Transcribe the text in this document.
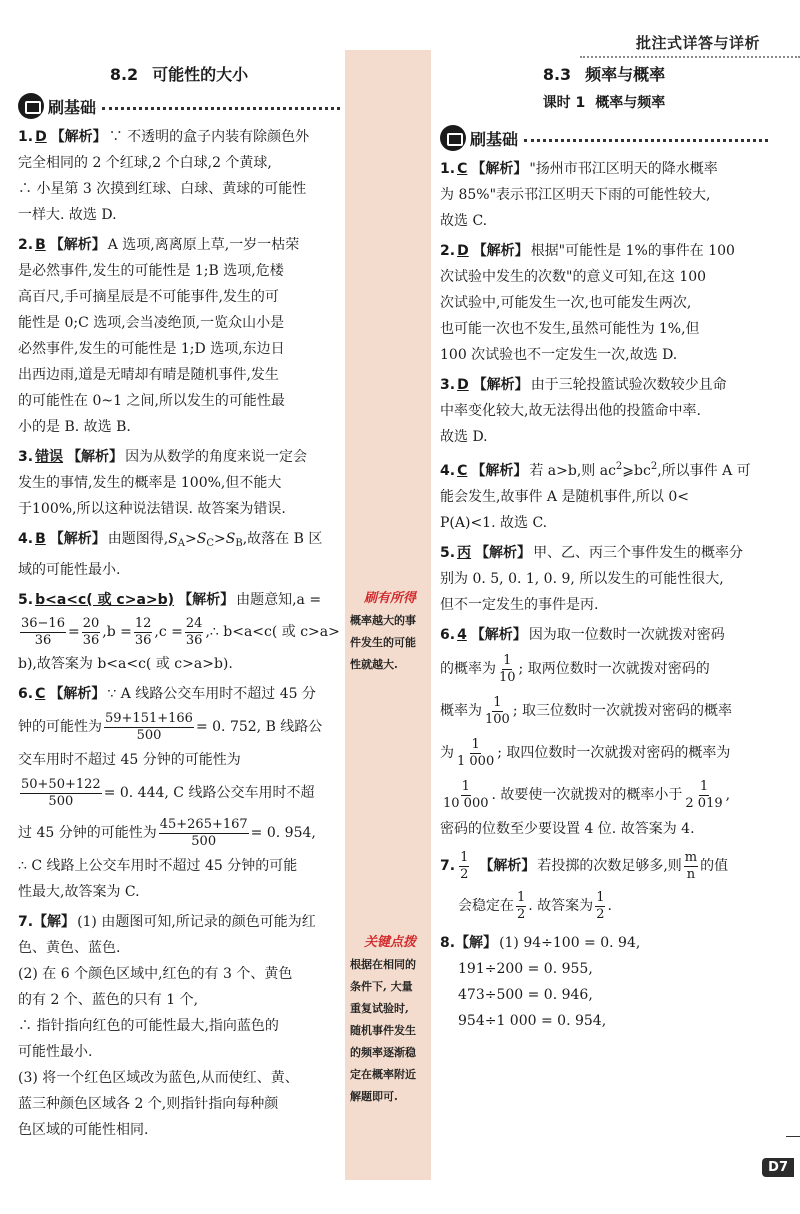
批注式详答与详析
8.2 可能性的大小
刷基础
1. D 【解析】 ∵ 不透明的盒子内装有除颜色外
完全相同的 2 个红球,2 个白球,2 个黄球,
∴ 小星第 3 次摸到红球、白球、黄球的可能性
一样大. 故选 D.
2. B 【解析】 A 选项,离离原上草,一岁一枯荣
是必然事件,发生的可能性是 1;B 选项,危楼
高百尺,手可摘星辰是不可能事件,发生的可
能性是 0;C 选项,会当凌绝顶,一览众山小是
必然事件,发生的可能性是 1;D 选项,东边日
出西边雨,道是无晴却有晴是随机事件,发生
的可能性在 0~1 之间,所以发生的可能性最
小的是 B. 故选 B.
3. 错误 【解析】 因为从数学的角度来说一定会
发生的事情,发生的概率是 100%,但不能大
于100%,所以这种说法错误. 故答案为错误.
4. B 【解析】 由题图得$,S_A>S_C>S_B$,故落在 B 区
域的可能性最小.
5. b<a<c( 或 c>a>b) 【解析】 由题意知,a =

$\frac{36-16}{36} = \frac{20}{36} ,b = \frac{12}{36} ,c = \frac{24}{36}$ ,∴ b<a<c( 或 c>a>
b),故答案为 b<a<c( 或 c>a>b).
6. C 【解析】 ∵ A 线路公交车用时不超过 45 分
钟的可能性为 $\frac{59+151+166}{500} = 0$. 752, B 线路公
交车用时不超过 45 分钟的可能性为

$\frac{50+50+122}{500} = 0$. 444, C 线路公交车用时不超
过 45 分钟的可能性为 $\frac{45+265+167}{500} = 0$. 954,
∴ C 线路上公交车用时不超过 45 分钟的可能
性最大,故答案为 C.
7.【解】 (1) 由题图可知,所记录的颜色可能为红
色、黄色、蓝色.
(2) 在 6 个颜色区域中,红色的有 3 个、黄色
的有 2 个、蓝色的只有 1 个,
∴ 指针指向红色的可能性最大,指向蓝色的
可能性最小.
(3) 将一个红色区域改为蓝色,从而使红、黄、
蓝三种颜色区域各 2 个,则指针指向每种颜
色区域的可能性相同.
刷有所得
概率越大的事
件发生的可能
性就越大.
关键点拨
根据在相同的
条件下, 大量
重复试验时,
随机事件发生
的频率逐渐稳
定在概率附近
解题即可.
8.3 频率与概率
课时 1 概率与频率
刷基础
1. C 【解析】 "扬州市邗江区明天的降水概率
为 85%"表示邗江区明天下雨的可能性较大,
故选 C.
2. D 【解析】 根据"可能性是 1%的事件在 100
次试验中发生的次数"的意义可知,在这 100
次试验中,可能发生一次,也可能发生两次,
也可能一次也不发生,虽然可能性为 1%,但
100 次试验也不一定发生一次,故选 D.
3. D 【解析】 由于三轮投篮试验次数较少且命
中率变化较大,故无法得出他的投篮命中率.
故选 D.
4. C 【解析】 若 a>b,则 $ac^2⩾bc^2$,所以事件 A 可
能会发生,故事件 A 是随机事件,所以 0<
P(A)<1. 故选 C.
5. 丙 【解析】 甲、乙、丙三个事件发生的概率分
别为 0. 5, 0. 1, 0. 9, 所以发生的可能性很大,
但不一定发生的事件是丙.
6. 4 【解析】 因为取一位数时一次就拨对密码
的概率为 $\frac{1}{10}$ ; 取两位数时一次就拨对密码的
概率为 $\frac{1}{100}$ ; 取三位数时一次就拨对密码的概率
为 $\frac{1}{1 000}$ ; 取四位数时一次就拨对密码的概率为

$\frac{1}{10 000}$ . 故要使一次就拨对的概率小于 $\frac{1}{2 019}$ ,
密码的位数至少要设置 4 位. 故答案为 4.
7. $\frac{1}{2}$ 【解析】 若投掷的次数足够多,则 $\frac{m}{n}$ 的值
会稳定在 $\frac{1}{2}$ . 故答案为 $\frac{1}{2}$ .
8.【解】 (1) 94÷100 = 0. 94,
191÷200 = 0. 955,
473÷500 = 0. 946,
954÷1 000 = 0. 954,
D7
